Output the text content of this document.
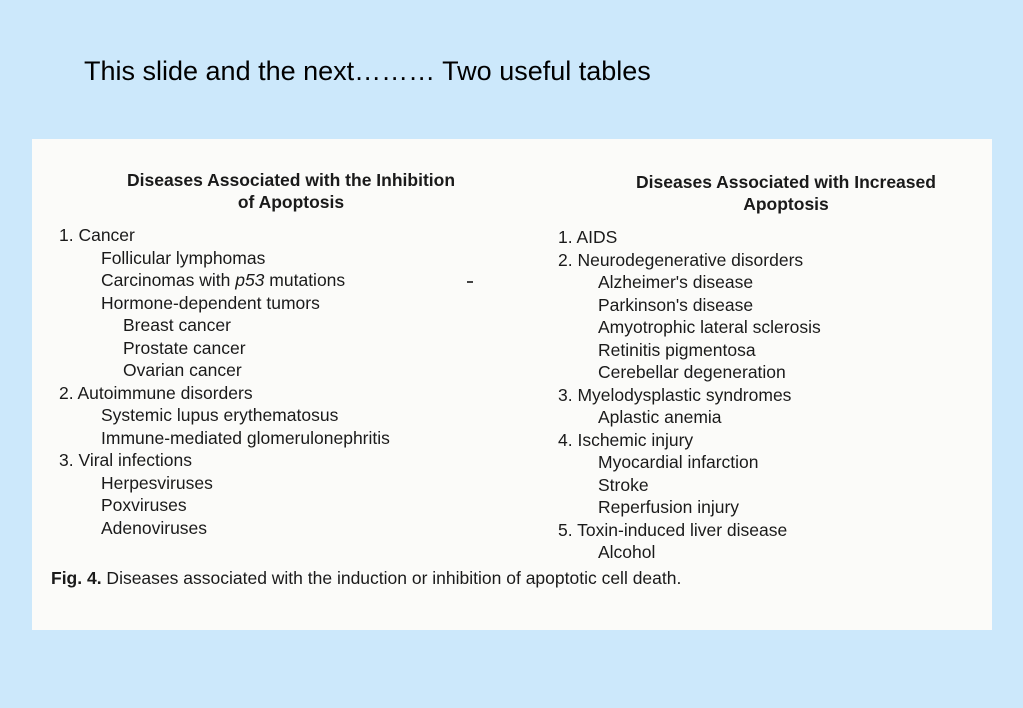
This slide and the next……… Two useful tables
Diseases Associated with the Inhibition
of Apoptosis
1. Cancer
Follicular lymphomas
Carcinomas with p53 mutations
Hormone-dependent tumors
Breast cancer
Prostate cancer
Ovarian cancer
2. Autoimmune disorders
Systemic lupus erythematosus
Immune-mediated glomerulonephritis
3. Viral infections
Herpesviruses
Poxviruses
Adenoviruses
Diseases Associated with Increased
Apoptosis
1. AIDS
2. Neurodegenerative disorders
Alzheimer's disease
Parkinson's disease
Amyotrophic lateral sclerosis
Retinitis pigmentosa
Cerebellar degeneration
3. Myelodysplastic syndromes
Aplastic anemia
4. Ischemic injury
Myocardial infarction
Stroke
Reperfusion injury
5. Toxin-induced liver disease
Alcohol
Fig. 4. Diseases associated with the induction or inhibition of apoptotic cell death.
